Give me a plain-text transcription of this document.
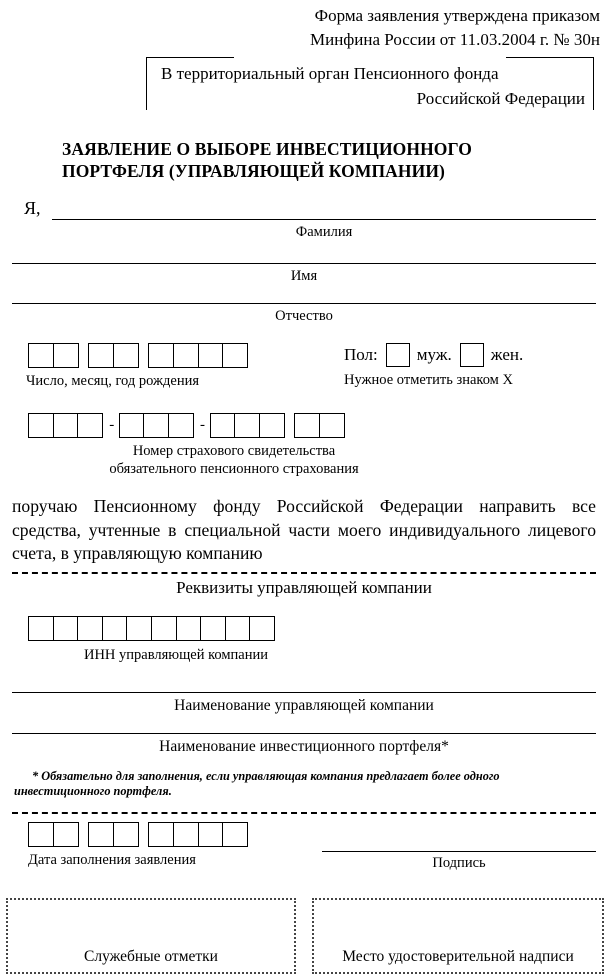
Форма заявления утверждена приказом
Минфина России от 11.03.2004 г. № 30н
В территориальный орган Пенсионного фонда
Российской Федерации
ЗАЯВЛЕНИЕ О ВЫБОРЕ ИНВЕСТИЦИОННОГО
ПОРТФЕЛЯ (УПРАВЛЯЮЩЕЙ КОМПАНИИ)
Я,
Фамилия
Имя
Отчество
Число, месяц, год рождения
Пол: муж. жен.
Нужное отметить знаком X
-	-
Номер страхового свидетельства
обязательного пенсионного страхования
поручаю Пенсионному фонду Российской Федерации направить все средства, учтенные в специальной части моего индивидуального лицевого счета, в управляющую компанию
Реквизиты управляющей компании
ИНН управляющей компании
Наименование управляющей компании
Наименование инвестиционного портфеля*
* Обязательно для заполнения, если управляющая компания предлагает более одного инвестиционного портфеля.
Дата заполнения заявления	Подпись
Служебные отметки	Место удостоверительной надписи
